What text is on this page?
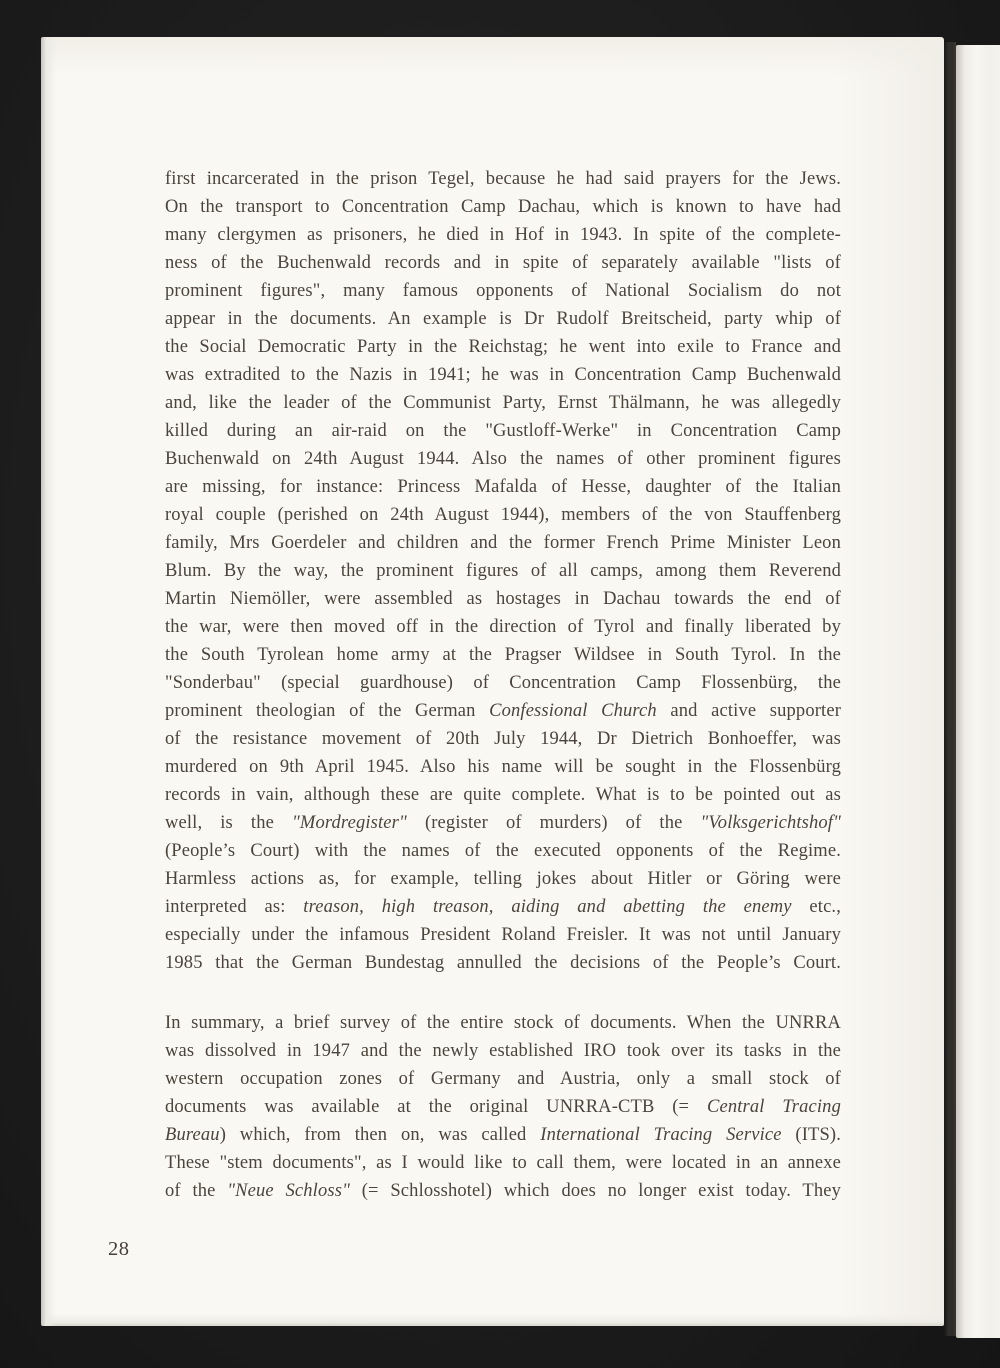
first incarcerated in the prison Tegel, because he had said prayers for the Jews.
On the transport to Concentration Camp Dachau, which is known to have had
many clergymen as prisoners, he died in Hof in 1943. In spite of the complete-
ness of the Buchenwald records and in spite of separately available "lists of
prominent figures", many famous opponents of National Socialism do not
appear in the documents. An example is Dr Rudolf Breitscheid, party whip of
the Social Democratic Party in the Reichstag; he went into exile to France and
was extradited to the Nazis in 1941; he was in Concentration Camp Buchenwald
and, like the leader of the Communist Party, Ernst Thälmann, he was allegedly
killed during an air-raid on the "Gustloff-Werke" in Concentration Camp
Buchenwald on 24th August 1944. Also the names of other prominent figures
are missing, for instance: Princess Mafalda of Hesse, daughter of the Italian
royal couple (perished on 24th August 1944), members of the von Stauffenberg
family, Mrs Goerdeler and children and the former French Prime Minister Leon
Blum. By the way, the prominent figures of all camps, among them Reverend
Martin Niemöller, were assembled as hostages in Dachau towards the end of
the war, were then moved off in the direction of Tyrol and finally liberated by
the South Tyrolean home army at the Pragser Wildsee in South Tyrol. In the
"Sonderbau" (special guardhouse) of Concentration Camp Flossenbürg, the
prominent theologian of the German Confessional Church and active supporter
of the resistance movement of 20th July 1944, Dr Dietrich Bonhoeffer, was
murdered on 9th April 1945. Also his name will be sought in the Flossenbürg
records in vain, although these are quite complete. What is to be pointed out as
well, is the "Mordregister" (register of murders) of the "Volksgerichtshof"
(People’s Court) with the names of the executed opponents of the Regime.
Harmless actions as, for example, telling jokes about Hitler or Göring were
interpreted as: treason, high treason, aiding and abetting the enemy etc.,
especially under the infamous President Roland Freisler. It was not until January
1985 that the German Bundestag annulled the decisions of the People’s Court.
In summary, a brief survey of the entire stock of documents. When the UNRRA
was dissolved in 1947 and the newly established IRO took over its tasks in the
western occupation zones of Germany and Austria, only a small stock of
documents was available at the original UNRRA-CTB (= Central Tracing
Bureau) which, from then on, was called International Tracing Service (ITS).
These "stem documents", as I would like to call them, were located in an annexe
of the "Neue Schloss" (= Schlosshotel) which does no longer exist today. They
28
